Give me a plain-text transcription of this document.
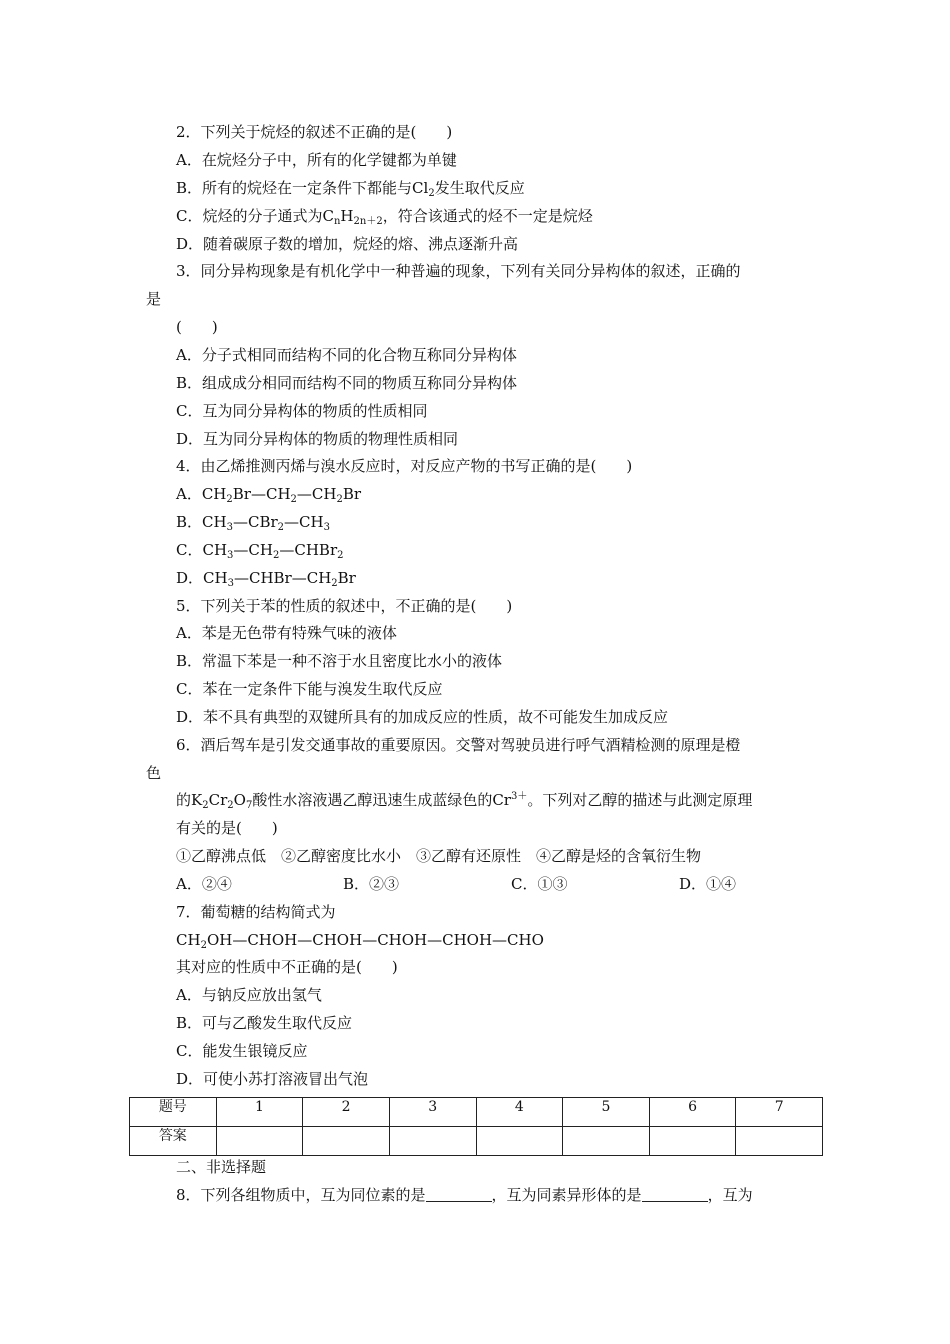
2．下列关于烷烃的叙述不正确的是(　　)
A．在烷烃分子中，所有的化学键都为单键
B．所有的烷烃在一定条件下都能与$Cl_2$发生取代反应
C．烷烃的分子通式为$C_nH_{2n+2}$，符合该通式的烃不一定是烷烃
D．随着碳原子数的增加，烷烃的熔、沸点逐渐升高
3．同分异构现象是有机化学中一种普遍的现象，下列有关同分异构体的叙述，正确的
是
(　　)
A．分子式相同而结构不同的化合物互称同分异构体
B．组成成分相同而结构不同的物质互称同分异构体
C．互为同分异构体的物质的性质相同
D．互为同分异构体的物质的物理性质相同
4．由乙烯推测丙烯与溴水反应时，对反应产物的书写正确的是(　　)
A．$CH_2Br—CH_2—CH_2Br$
B．$CH_3—CBr_2—CH_3$
C．$CH_3—CH_2—CHBr_2$
D．$CH_3—CHBr—CH_2Br$
5．下列关于苯的性质的叙述中，不正确的是(　　)
A．苯是无色带有特殊气味的液体
B．常温下苯是一种不溶于水且密度比水小的液体
C．苯在一定条件下能与溴发生取代反应
D．苯不具有典型的双键所具有的加成反应的性质，故不可能发生加成反应
6．酒后驾车是引发交通事故的重要原因。交警对驾驶员进行呼气酒精检测的原理是橙
色
的$K_2Cr_2O_7$酸性水溶液遇乙醇迅速生成蓝绿色的$Cr^{3+}$。下列对乙醇的描述与此测定原理
有关的是(　　)
①乙醇沸点低　②乙醇密度比水小　③乙醇有还原性　④乙醇是烃的含氧衍生物
A．②④	B．②③	C．①③	D．①④
7．葡萄糖的结构简式为
$CH_2OH—CHOH—CHOH—CHOH—CHOH—CHO$
其对应的性质中不正确的是(　　)
A．与钠反应放出氢气
B．可与乙酸发生取代反应
C．能发生银镜反应
D．可使小苏打溶液冒出气泡
题号	1	2	3	4	5	6	7
答案							
二、非选择题
8．下列各组物质中，互为同位素的是	，互为同素异形体的是	，互为
